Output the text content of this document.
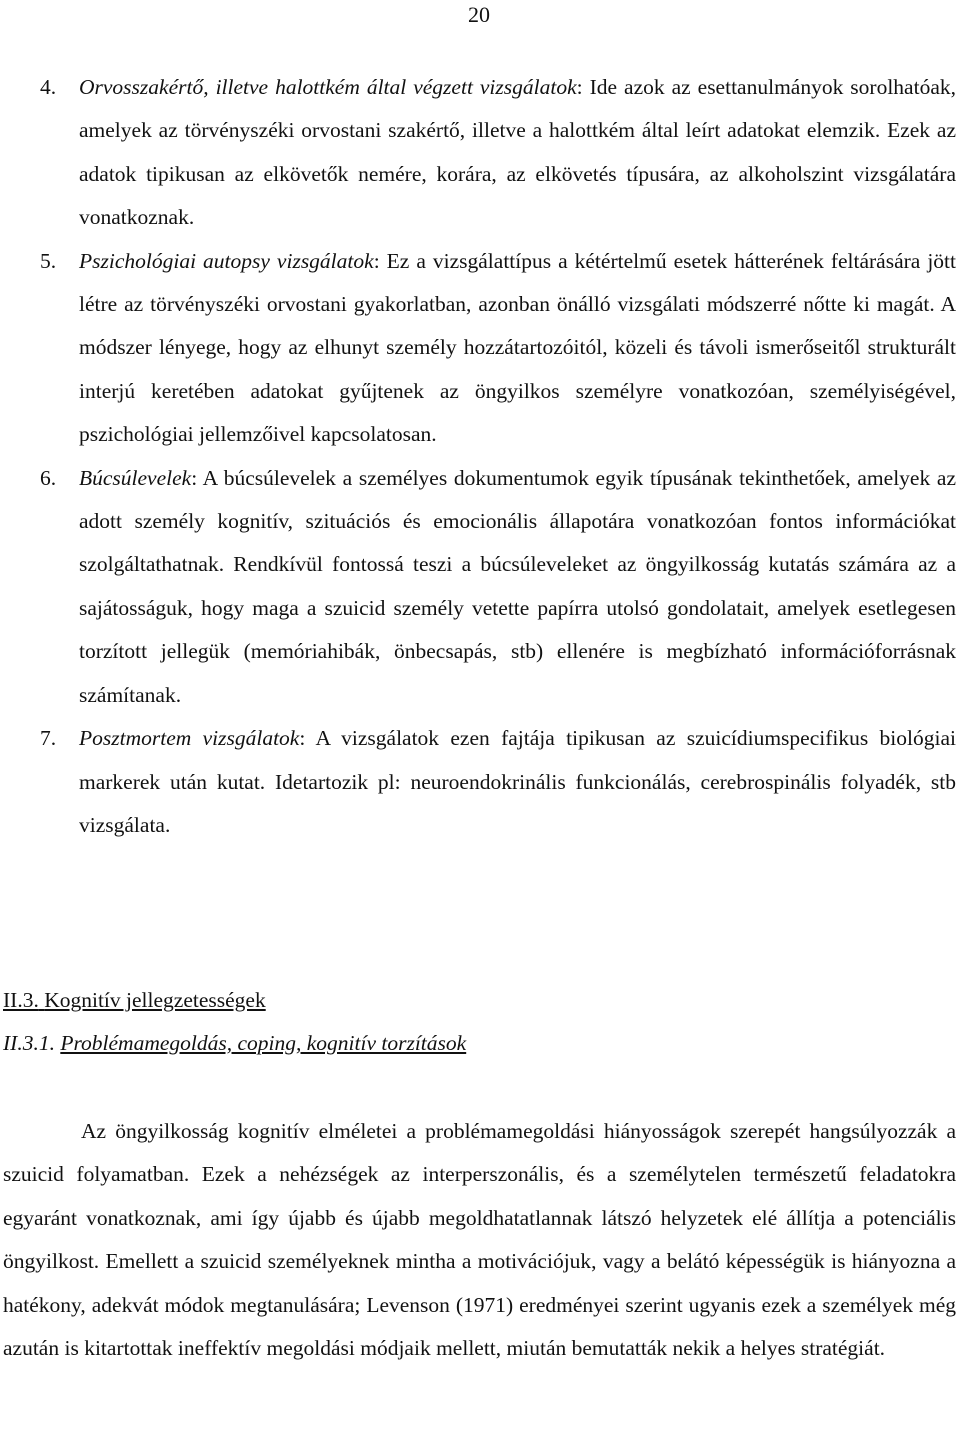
20
4. Orvosszakértő, illetve halottkém által végzett vizsgálatok: Ide azok az esettanulmányok sorolhatóak, amelyek az törvényszéki orvostani szakértő, illetve a halottkém által leírt adatokat elemzik. Ezek az adatok tipikusan az elkövetők nemére, korára, az elkövetés típusára, az alkoholszint vizsgálatára vonatkoznak.
5. Pszichológiai autopsy vizsgálatok: Ez a vizsgálattípus a kétértelmű esetek hátterének feltárására jött létre az törvényszéki orvostani gyakorlatban, azonban önálló vizsgálati módszerré nőtte ki magát. A módszer lényege, hogy az elhunyt személy hozzátartozóitól, közeli és távoli ismerőseitől strukturált interjú keretében adatokat gyűjtenek az öngyilkos személyre vonatkozóan, személyiségével, pszichológiai jellemzőivel kapcsolatosan.
6. Búcsúlevelek: A búcsúlevelek a személyes dokumentumok egyik típusának tekinthetőek, amelyek az adott személy kognitív, szituációs és emocionális állapotára vonatkozóan fontos információkat szolgáltathatnak. Rendkívül fontossá teszi a búcsúleveleket az öngyilkosság kutatás számára az a sajátosságuk, hogy maga a szuicid személy vetette papírra utolsó gondolatait, amelyek esetlegesen torzított jellegük (memóriahibák, önbecsapás, stb) ellenére is megbízható információforrásnak számítanak.
7. Posztmortem vizsgálatok: A vizsgálatok ezen fajtája tipikusan az szuicídiumspecifikus biológiai markerek után kutat. Idetartozik pl: neuroendokrinális funkcionálás, cerebrospinális folyadék, stb vizsgálata.
II.3. Kognitív jellegzetességek
II.3.1. Problémamegoldás, coping, kognitív torzítások

Az öngyilkosság kognitív elméletei a problémamegoldási hiányosságok szerepét hangsúlyozzák a szuicid folyamatban. Ezek a nehézségek az interperszonális, és a személytelen természetű feladatokra egyaránt vonatkoznak, ami így újabb és újabb megoldhatatlannak látszó helyzetek elé állítja a potenciális öngyilkost. Emellett a szuicid személyeknek mintha a motivációjuk, vagy a belátó képességük is hiányozna a hatékony, adekvát módok megtanulására; Levenson (1971) eredményei szerint ugyanis ezek a személyek még azután is kitartottak ineffektív megoldási módjaik mellett, miután bemutatták nekik a helyes stratégiát.
